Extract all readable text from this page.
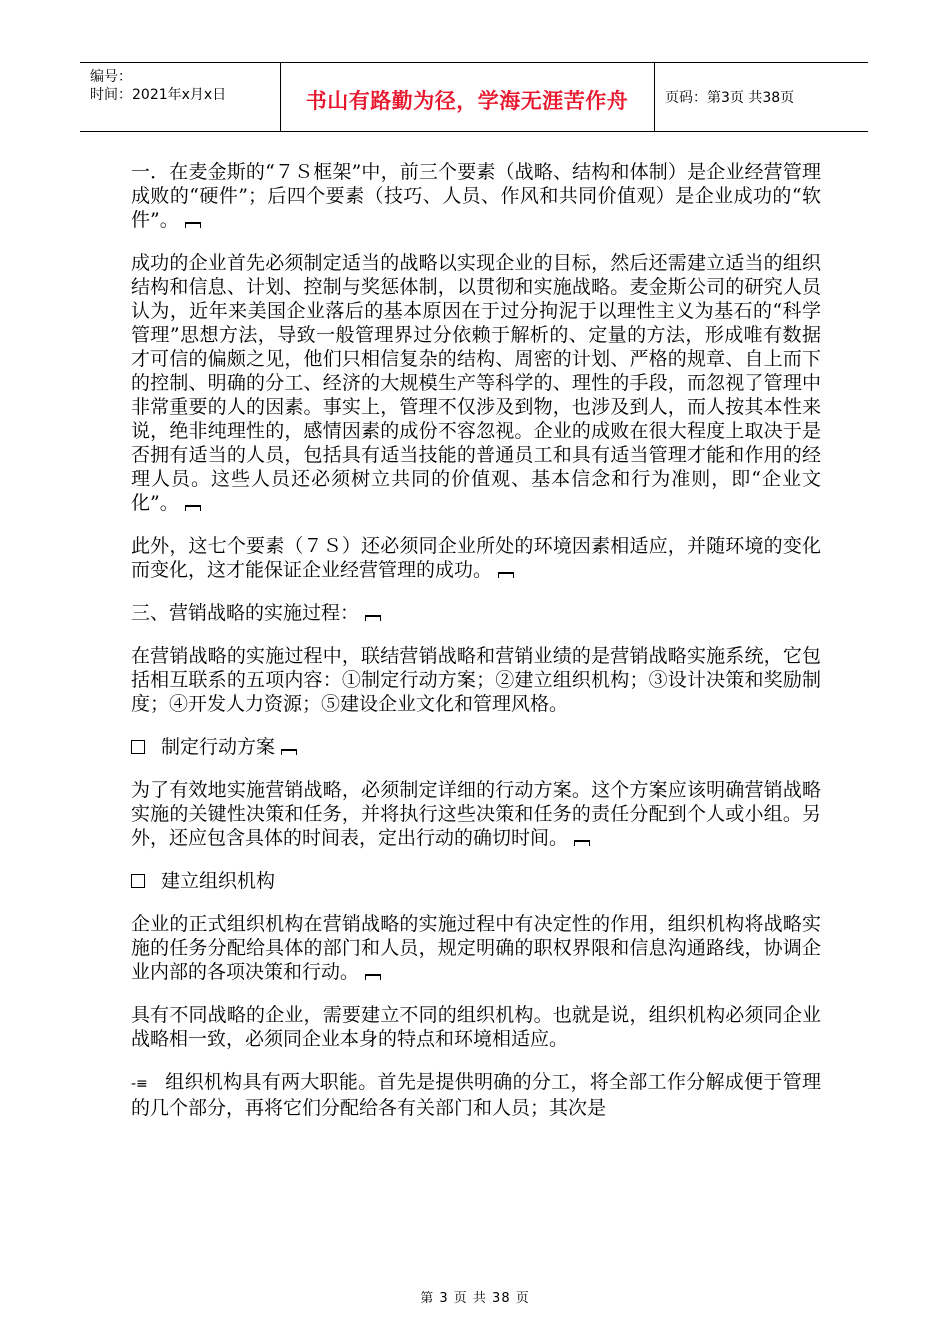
编号：
时间：2021年x月x日	书山有路勤为径，学海无涯苦作舟	页码：第3页 共38页

一．在麦金斯的“７Ｓ框架”中，前三个要素（战略、结构和体制）是企业经营管理成败的“硬件”；后四个要素（技巧、人员、作风和共同价值观）是企业成功的“软件”。

成功的企业首先必须制定适当的战略以实现企业的目标，然后还需建立适当的组织结构和信息、计划、控制与奖惩体制，以贯彻和实施战略。麦金斯公司的研究人员认为，近年来美国企业落后的基本原因在于过分拘泥于以理性主义为基石的“科学管理”思想方法，导致一般管理界过分依赖于解析的、定量的方法，形成唯有数据才可信的偏颇之见，他们只相信复杂的结构、周密的计划、严格的规章、自上而下的控制、明确的分工、经济的大规模生产等科学的、理性的手段，而忽视了管理中非常重要的人的因素。事实上，管理不仅涉及到物，也涉及到人，而人按其本性来说，绝非纯理性的，感情因素的成份不容忽视。企业的成败在很大程度上取决于是否拥有适当的人员，包括具有适当技能的普通员工和具有适当管理才能和作用的经理人员。这些人员还必须树立共同的价值观、基本信念和行为准则，即“企业文化”。

此外，这七个要素（７Ｓ）还必须同企业所处的环境因素相适应，并随环境的变化而变化，这才能保证企业经营管理的成功。

三、营销战略的实施过程：

在营销战略的实施过程中，联结营销战略和营销业绩的是营销战略实施系统，它包括相互联系的五项内容：①制定行动方案；②建立组织机构；③设计决策和奖励制度；④开发人力资源；⑤建设企业文化和管理风格。

制定行动方案

为了有效地实施营销战略，必须制定详细的行动方案。这个方案应该明确营销战略实施的关键性决策和任务，并将执行这些决策和任务的责任分配到个人或小组。另外，还应包含具体的时间表，定出行动的确切时间。

建立组织机构

企业的正式组织机构在营销战略的实施过程中有决定性的作用，组织机构将战略实施的任务分配给具体的部门和人员，规定明确的职权界限和信息沟通路线，协调企业内部的各项决策和行动。

具有不同战略的企业，需要建立不同的组织机构。也就是说，组织机构必须同企业战略相一致，必须同企业本身的特点和环境相适应。

-≡ 组织机构具有两大职能。首先是提供明确的分工，将全部工作分解成便于管理的几个部分，再将它们分配给各有关部门和人员；其次是

第 3 页 共 38 页
